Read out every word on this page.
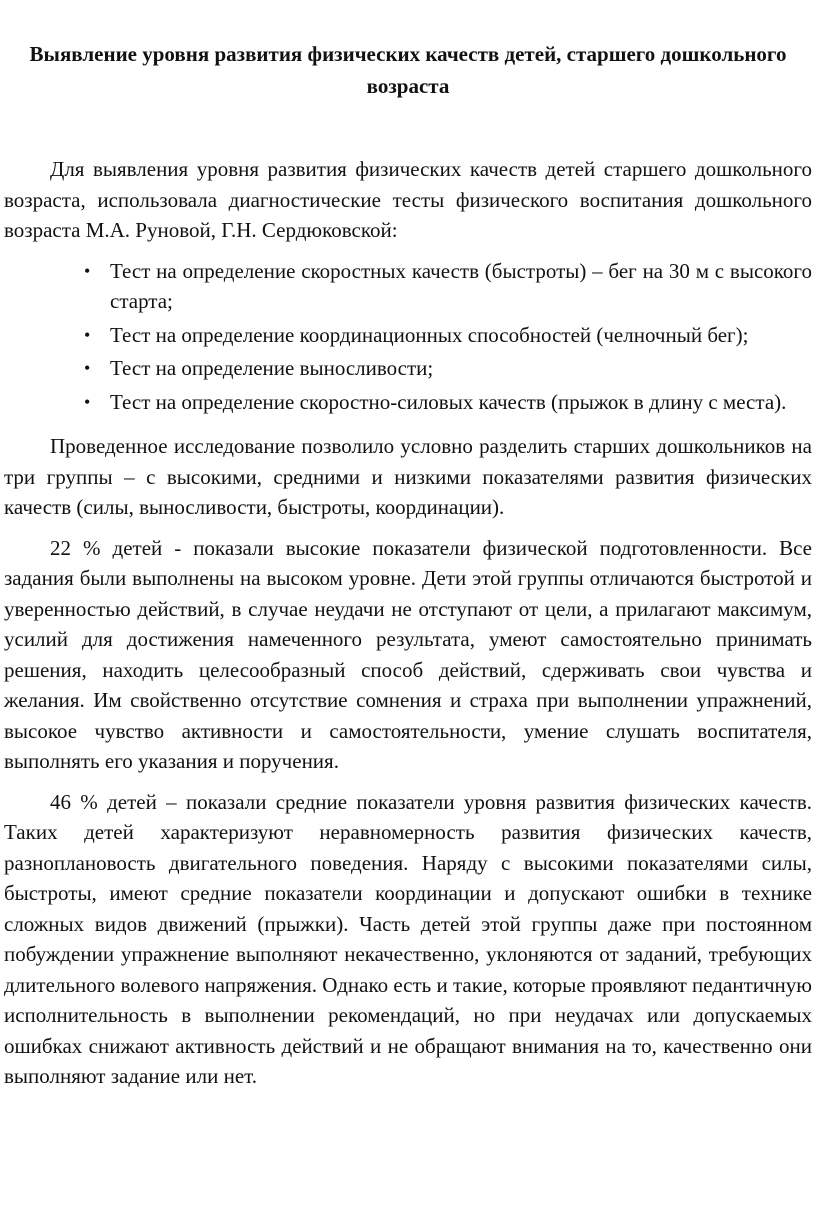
Выявление уровня развития физических качеств детей, старшего дошкольного возраста

Для выявления уровня развития физических качеств детей старшего дошкольного возраста, использовала диагностические тесты физического воспитания дошкольного возраста М.А. Руновой, Г.Н. Сердюковской:

• Тест на определение скоростных качеств (быстроты) – бег на 30 м с высокого старта;
• Тест на определение координационных способностей (челночный бег);
• Тест на определение выносливости;
• Тест на определение скоростно-силовых качеств (прыжок в длину с места).

Проведенное исследование позволило условно разделить старших дошкольников на три группы – с высокими, средними и низкими показателями развития физических качеств (силы, выносливости, быстроты, координации).

22 % детей - показали высокие показатели физической подготовленности. Все задания были выполнены на высоком уровне. Дети этой группы отличаются быстротой и уверенностью действий, в случае неудачи не отступают от цели, а прилагают максимум, усилий для достижения намеченного результата, умеют самостоятельно принимать решения, находить целесообразный способ действий, сдерживать свои чувства и желания. Им свойственно отсутствие сомнения и страха при выполнении упражнений, высокое чувство активности и самостоятельности, умение слушать воспитателя, выполнять его указания и поручения.

46 % детей – показали средние показатели уровня развития физических качеств. Таких детей характеризуют неравномерность развития физических качеств, разноплановость двигательного поведения. Наряду с высокими показателями силы, быстроты, имеют средние показатели координации и допускают ошибки в технике сложных видов движений (прыжки). Часть детей этой группы даже при постоянном побуждении упражнение выполняют некачественно, уклоняются от заданий, требующих длительного волевого напряжения. Однако есть и такие, которые проявляют педантичную исполнительность в выполнении рекомендаций, но при неудачах или допускаемых ошибках снижают активность действий и не обращают внимания на то, качественно они выполняют задание или нет.
